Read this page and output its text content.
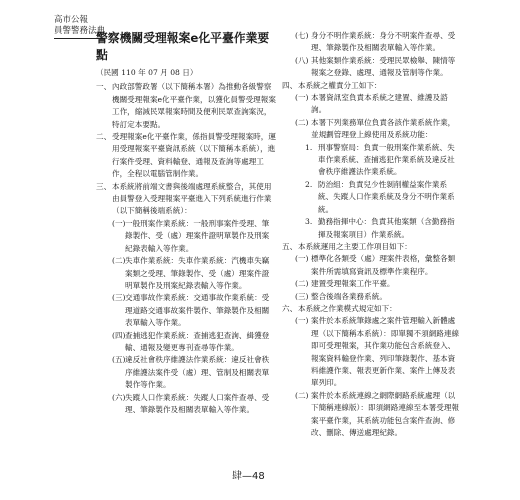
高市公報
員警警務法典
警察機關受理報案e化平臺作業要點
（民國 110 年 07 月 08 日）
一、 內政部警政署（以下簡稱本署）為推動各級警察機關受理報案e化平臺作業，以獲化員警受理報案工作，縮減民眾報案時間及便利民眾查詢案況，特訂定本要點。
二、 受理報案e化平臺作業，係指員警受理報案時，運用受理報案平臺資訊系統（以下簡稱本系統），進行案件受理、資料輸登、通報及查詢等處理工作，全程以電腦管制作業。
三、 本系統將前端文書與後端處理系統整合，其使用由員警登入受理報案平臺進入下列系統進行作業（以下簡稱後端系統）：
(一) 一般刑案作業系統：一般刑事案件受理、筆錄製作、受（處）理案件證明單製作及刑案紀錄表輸入等作業。
(二) 失車作業系統：失車作業系統：汽機車失竊案類之受理、筆錄製作、受（處）理案件證明單製作及刑案紀錄表輸入等作業。
(三) 交通事故作業系統：交通事故作業系統：受理道路交通事故案件製作、筆錄製作及相關表單輸入等作業。
(四) 查捕逃犯作業系統：查捕逃犯查詢、緝獲登輸、通報及變更專刊查尋等作業。
(五) 違反社會秩序維護法作業系統：違反社會秩序維護法案件受（處）理、管制及相關表單製作等作業。
(六) 失蹤人口作業系統：失蹤人口案件查尋、受理、筆錄製作及相關表單輸入等作業。
(七) 身分不明作業系統：身分不明案件查尋、受理、筆錄製作及相關表單輸入等作業。
(八) 其他案類作業系統：受理民眾檢舉、陳情等報案之登錄、處理、通報及管制等作業。
四、 本系統之權責分工如下：
(一) 本署資訊室負責本系統之建置、維護及諮詢。
(二) 本署下列業務單位負責各該作業系統作業，並規劃管理登上線使用及系統功能：
1. 刑事警察局：負責一般刑案作業系統、失車作業系統、查捕逃犯作業系統及違反社會秩序維護法作業系統。
2. 防治組：負責兒少性剝削權益案作業系統、失蹤人口作業系統及身分不明作業系統。
3. 勤務指揮中心：負責其他案類（含勤務指揮及報案項目）作業系統。
五、 本系統運用之主要工作項目如下：
(一) 標準化各類受（處）理案件表格，彙整各類案件所需填寫資訊及標準作業程序。
(二) 建置受理報案工作平臺。
(三) 整合後端各業務系統。
六、 本系統之作業模式規定如下：
(一) 案件於本系統筆錄處之案件管理輸入新體處理（以下簡稱本系統）：即單獨不須網路連線即可受理報案，其作業功能包含系統登入、報案資料輸登作業、列印筆錄製作、基本資料維護作業、報表更新作業、案件上傳及表單列印。
(二) 案件於本系統連線之網際網路系統處理（以下簡稱連線版）：即須網路連線至本署受理報案平臺作業，其系統功能包含案件查詢、修改、刪除、傳送處理紀錄。
肆—48
